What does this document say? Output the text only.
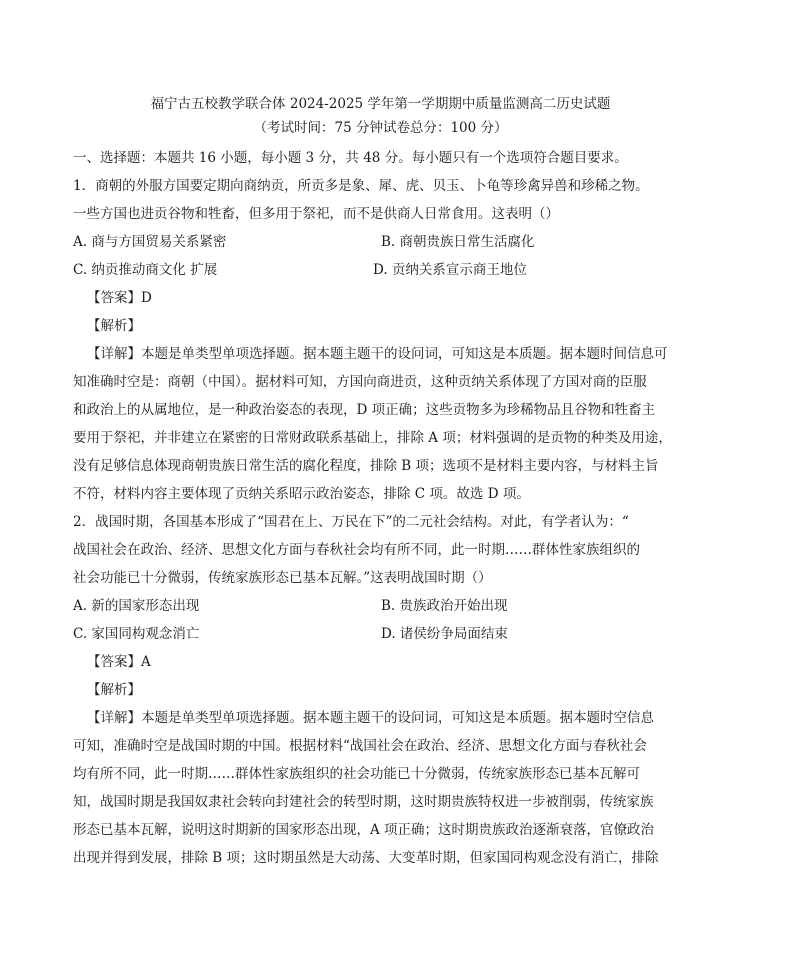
福宁古五校教学联合体 2024-2025 学年第一学期期中质量监测高二历史试题

（考试时间：75 分钟试卷总分：100 分）

一、选择题：本题共 16 小题，每小题 3 分，共 48 分。每小题只有一个选项符合题目要求。

1．商朝的外服方国要定期向商纳贡，所贡多是象、犀、虎、贝玉、卜龟等珍禽异兽和珍稀之物。

一些方国也进贡谷物和牲畜，但多用于祭祀，而不是供商人日常食用。这表明（）

A. 商与方国贸易关系紧密	B. 商朝贵族日常生活腐化
C. 纳贡推动商文化 扩展	D. 贡纳关系宣示商王地位

【答案】D

【解析】

【详解】本题是单类型单项选择题。据本题主题干的设问词，可知这是本质题。据本题时间信息可

知准确时空是：商朝（中国）。据材料可知，方国向商进贡，这种贡纳关系体现了方国对商的臣服

和政治上的从属地位，是一种政治姿态的表现，D 项正确；这些贡物多为珍稀物品且谷物和牲畜主

要用于祭祀，并非建立在紧密的日常财政联系基础上，排除 A 项；材料强调的是贡物的种类及用途，

没有足够信息体现商朝贵族日常生活的腐化程度，排除 B 项；选项不是材料主要内容，与材料主旨

不符，材料内容主要体现了贡纳关系昭示政治姿态，排除 C 项。故选 D 项。

2．战国时期，各国基本形成了“国君在上、万民在下”的二元社会结构。对此，有学者认为：“

战国社会在政治、经济、思想文化方面与春秋社会均有所不同，此一时期……群体性家族组织的

社会功能已十分微弱，传统家族形态已基本瓦解。”这表明战国时期（）

A. 新的国家形态出现	B. 贵族政治开始出现
C. 家国同构观念消亡	D. 诸侯纷争局面结束

【答案】A

【解析】

【详解】本题是单类型单项选择题。据本题主题干的设问词，可知这是本质题。据本题时空信息

可知，准确时空是战国时期的中国。根据材料“战国社会在政治、经济、思想文化方面与春秋社会

均有所不同，此一时期……群体性家族组织的社会功能已十分微弱，传统家族形态已基本瓦解可

知，战国时期是我国奴隶社会转向封建社会的转型时期，这时期贵族特权进一步被削弱，传统家族

形态已基本瓦解，说明这时期新的国家形态出现，A 项正确；这时期贵族政治逐渐衰落，官僚政治

出现并得到发展，排除 B 项；这时期虽然是大动荡、大变革时期，但家国同构观念没有消亡，排除
